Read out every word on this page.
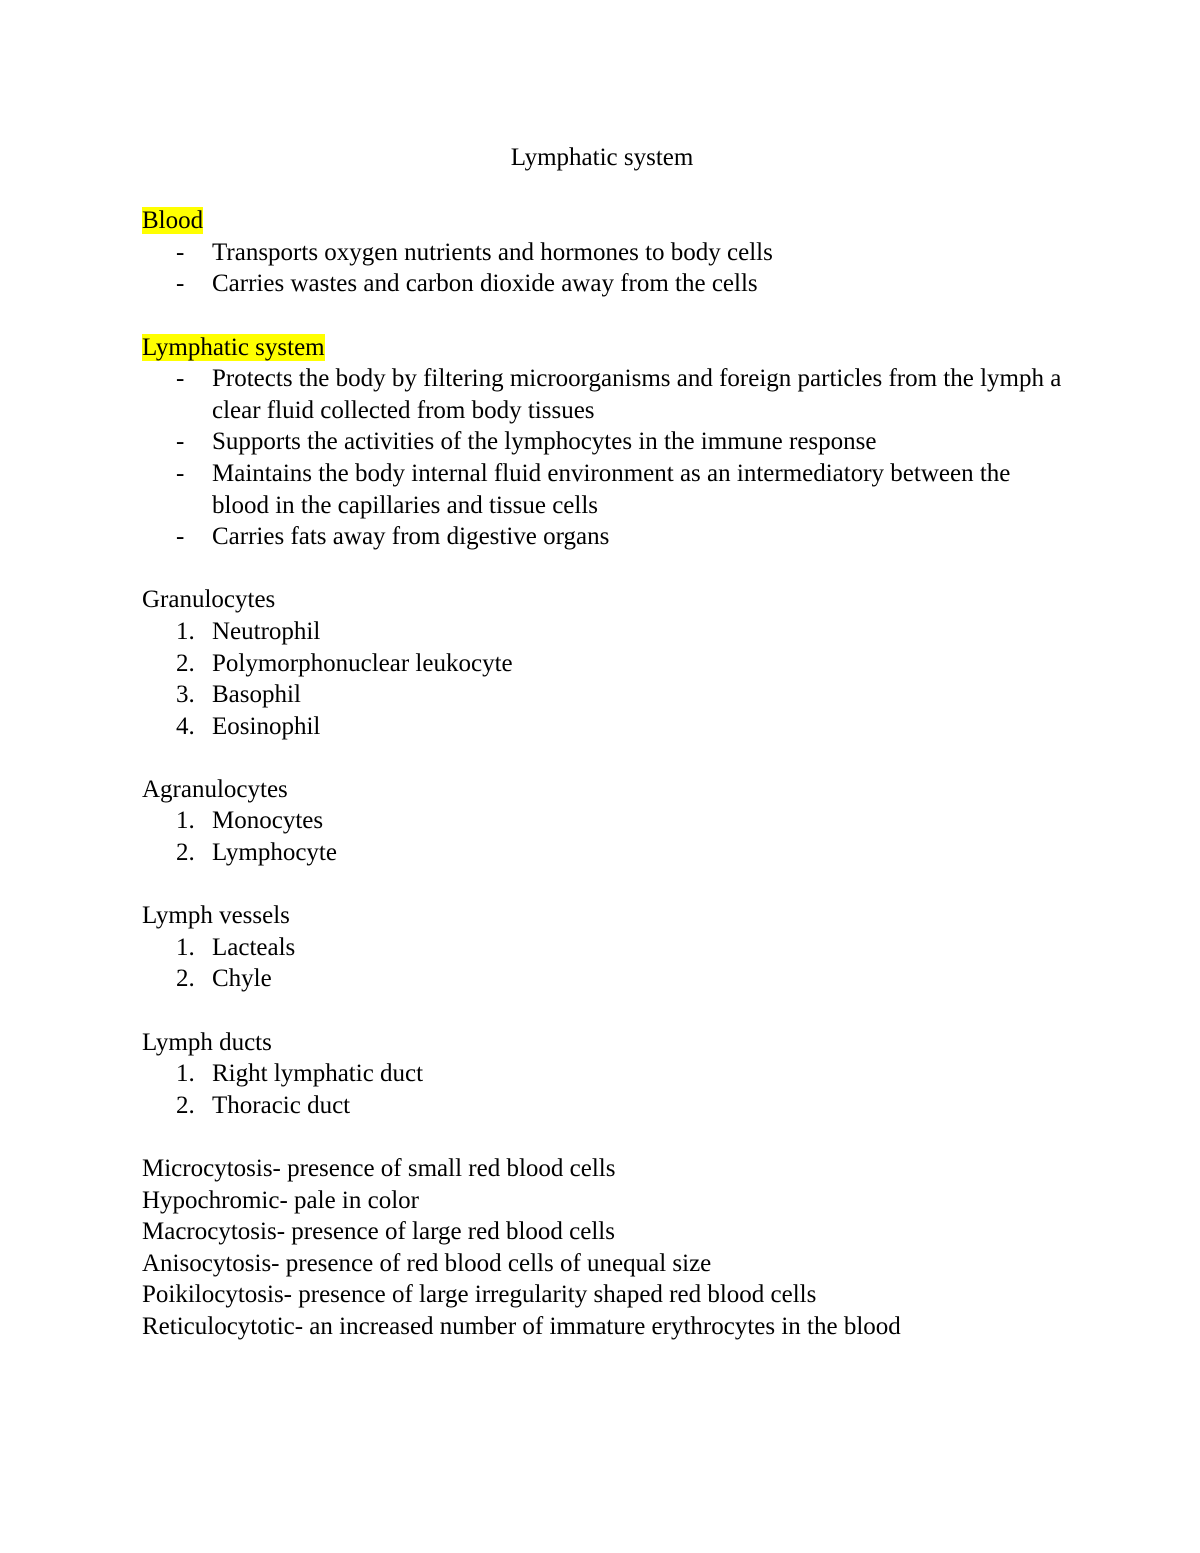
Lymphatic system

Blood

- Transports oxygen nutrients and hormones to body cells
- Carries wastes and carbon dioxide away from the cells

Lymphatic system

- Protects the body by filtering microorganisms and foreign particles from the lymph a clear fluid collected from body tissues
- Supports the activities of the lymphocytes in the immune response
- Maintains the body internal fluid environment as an intermediatory between the blood in the capillaries and tissue cells
- Carries fats away from digestive organs

Granulocytes

1. Neutrophil
2. Polymorphonuclear leukocyte
3. Basophil
4. Eosinophil

Agranulocytes

1. Monocytes
2. Lymphocyte

Lymph vessels

1. Lacteals
2. Chyle

Lymph ducts

1. Right lymphatic duct
2. Thoracic duct

Microcytosis- presence of small red blood cells

Hypochromic- pale in color

Macrocytosis- presence of large red blood cells

Anisocytosis- presence of red blood cells of unequal size

Poikilocytosis- presence of large irregularity shaped red blood cells

Reticulocytotic- an increased number of immature erythrocytes in the blood
